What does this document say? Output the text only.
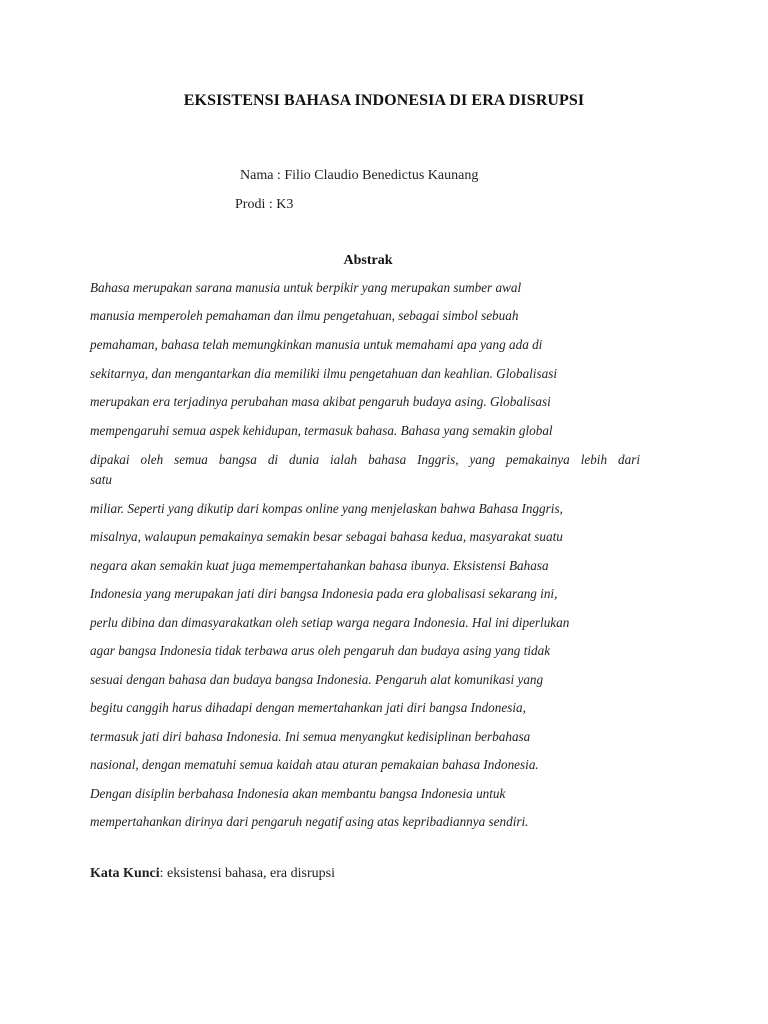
EKSISTENSI BAHASA INDONESIA DI ERA DISRUPSI
Nama : Filio Claudio Benedictus Kaunang
Prodi : K3
Abstrak
Bahasa merupakan sarana manusia untuk berpikir yang merupakan sumber awal
manusia memperoleh pemahaman dan ilmu pengetahuan, sebagai simbol sebuah
pemahaman, bahasa telah memungkinkan manusia untuk memahami apa yang ada di
sekitarnya, dan mengantarkan dia memiliki ilmu pengetahuan dan keahlian. Globalisasi
merupakan era terjadinya perubahan masa akibat pengaruh budaya asing. Globalisasi
mempengaruhi semua aspek kehidupan, termasuk bahasa. Bahasa yang semakin global
dipakai oleh semua bangsa di dunia ialah bahasa Inggris, yang pemakainya lebih dari
satu
miliar. Seperti yang dikutip dari kompas online yang menjelaskan bahwa Bahasa Inggris,
misalnya, walaupun pemakainya semakin besar sebagai bahasa kedua, masyarakat suatu
negara akan semakin kuat juga memempertahankan bahasa ibunya. Eksistensi Bahasa
Indonesia yang merupakan jati diri bangsa Indonesia pada era globalisasi sekarang ini,
perlu dibina dan dimasyarakatkan oleh setiap warga negara Indonesia. Hal ini diperlukan
agar bangsa Indonesia tidak terbawa arus oleh pengaruh dan budaya asing yang tidak
sesuai dengan bahasa dan budaya bangsa Indonesia. Pengaruh alat komunikasi yang
begitu canggih harus dihadapi dengan memertahankan jati diri bangsa Indonesia,
termasuk jati diri bahasa Indonesia. Ini semua menyangkut kedisiplinan berbahasa
nasional, dengan mematuhi semua kaidah atau aturan pemakaian bahasa Indonesia.
Dengan disiplin berbahasa Indonesia akan membantu bangsa Indonesia untuk
mempertahankan dirinya dari pengaruh negatif asing atas kepribadiannya sendiri.
Kata Kunci: eksistensi bahasa, era disrupsi
